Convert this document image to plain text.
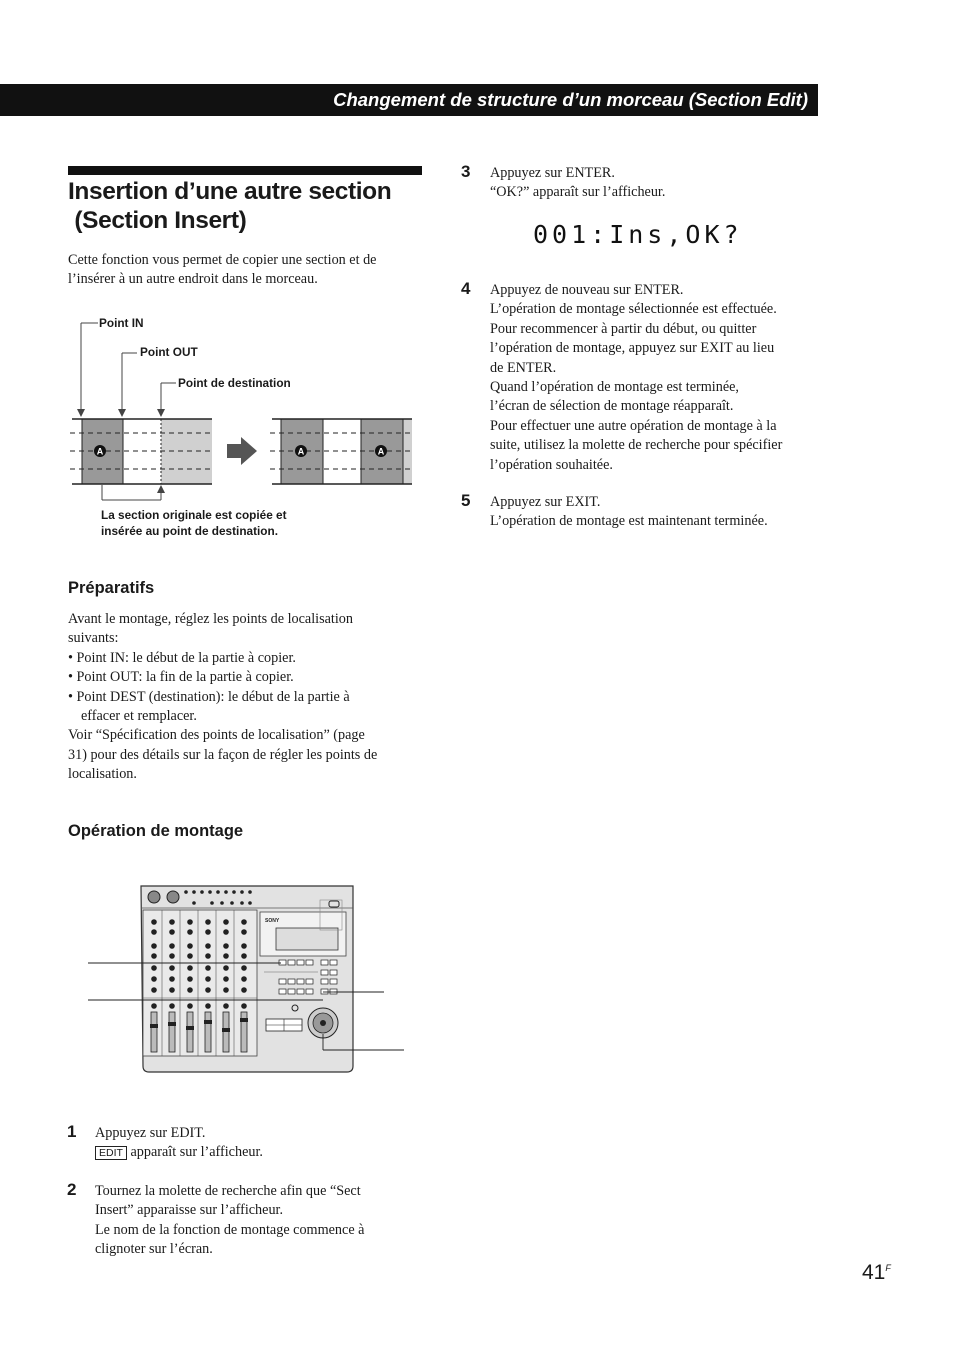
Changement de structure d’un morceau (Section Edit)
Insertion d’une autre section
(Section Insert)
Cette fonction vous permet de copier une section et de
l’insérer à un autre endroit dans le morceau.
Point IN
Point OUT
Point de destination
A	A	A
La section originale est copiée et
insérée au point de destination.
Préparatifs
Avant le montage, réglez les points de localisation
suivants:
• Point IN: le début de la partie à copier.
• Point OUT: la fin de la partie à copier.
• Point DEST (destination): le début de la partie à
effacer et remplacer.
Voir “Spécification des points de localisation” (page
31) pour des détails sur la façon de régler les points de
localisation.
Opération de montage
SONY
1 Appuyez sur EDIT.
EDIT apparaît sur l’afficheur.
2 Tournez la molette de recherche afin que “Sect
Insert” apparaisse sur l’afficheur.
Le nom de la fonction de montage commence à
clignoter sur l’écran.
3 Appuyez sur ENTER.
“OK?” apparaît sur l’afficheur.
001:Ins,OK?
4 Appuyez de nouveau sur ENTER.
L’opération de montage sélectionnée est effectuée.
Pour recommencer à partir du début, ou quitter
l’opération de montage, appuyez sur EXIT au lieu
de ENTER.
Quand l’opération de montage est terminée,
l’écran de sélection de montage réapparaît.
Pour effectuer une autre opération de montage à la
suite, utilisez la molette de recherche pour spécifier
l’opération souhaitée.
5 Appuyez sur EXIT.
L’opération de montage est maintenant terminée.
$41^F$
